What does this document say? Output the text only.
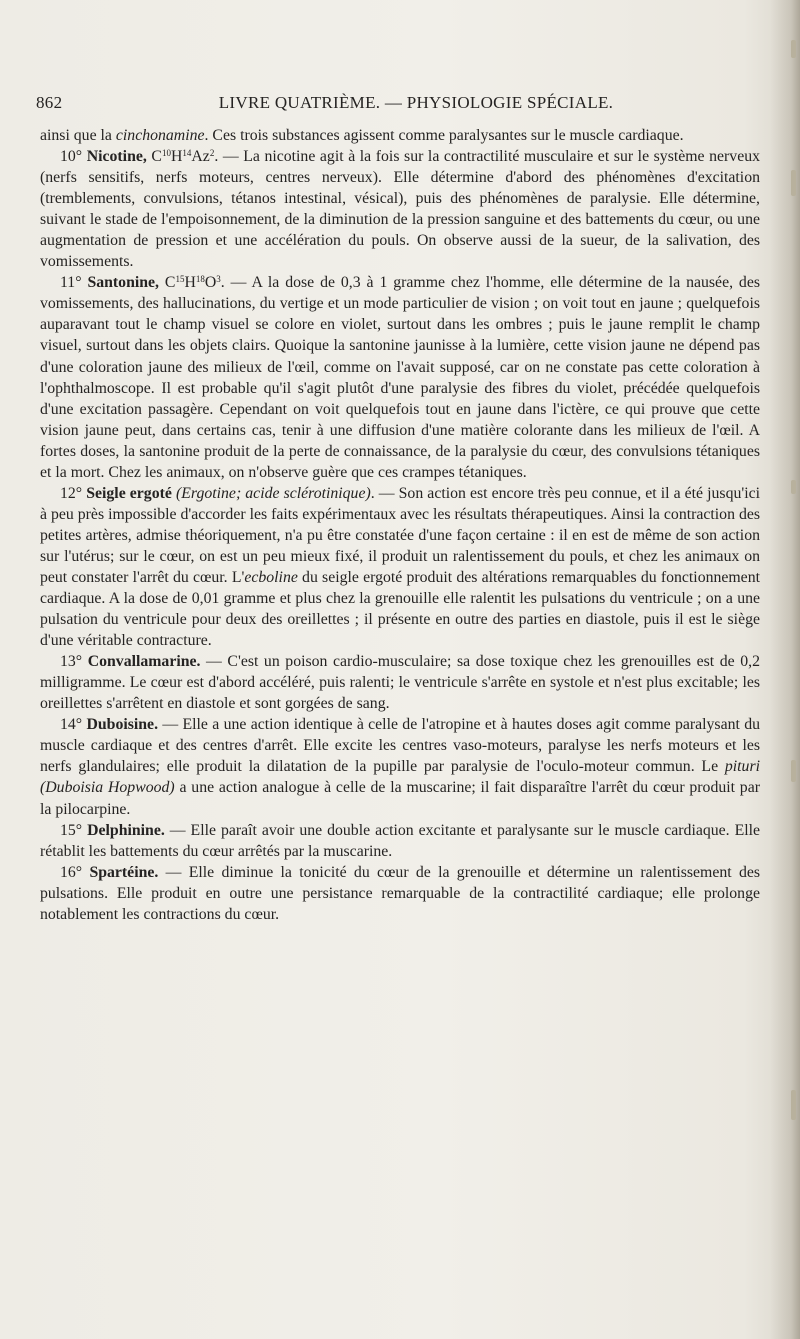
862	LIVRE QUATRIÈME. — PHYSIOLOGIE SPÉCIALE.

ainsi que la cinchonamine. Ces trois substances agissent comme paralysantes sur le muscle cardiaque.

10° Nicotine, $C^{10}H^{14}Az^2$. — La nicotine agit à la fois sur la contractilité musculaire et sur le système nerveux (nerfs sensitifs, nerfs moteurs, centres nerveux). Elle détermine d'abord des phénomènes d'excitation (tremblements, convulsions, tétanos intestinal, vésical), puis des phénomènes de paralysie. Elle détermine, suivant le stade de l'empoisonnement, de la diminution de la pression sanguine et des battements du cœur, ou une augmentation de pression et une accélération du pouls. On observe aussi de la sueur, de la salivation, des vomissements.

11° Santonine, $C^{15}H^{18}O^3$. — A la dose de 0,3 à 1 gramme chez l'homme, elle détermine de la nausée, des vomissements, des hallucinations, du vertige et un mode particulier de vision ; on voit tout en jaune ; quelquefois auparavant tout le champ visuel se colore en violet, surtout dans les ombres ; puis le jaune remplit le champ visuel, surtout dans les objets clairs. Quoique la santonine jaunisse à la lumière, cette vision jaune ne dépend pas d'une coloration jaune des milieux de l'œil, comme on l'avait supposé, car on ne constate pas cette coloration à l'ophthalmoscope. Il est probable qu'il s'agit plutôt d'une paralysie des fibres du violet, précédée quelquefois d'une excitation passagère. Cependant on voit quelquefois tout en jaune dans l'ictère, ce qui prouve que cette vision jaune peut, dans certains cas, tenir à une diffusion d'une matière colorante dans les milieux de l'œil. A fortes doses, la santonine produit de la perte de connaissance, de la paralysie du cœur, des convulsions tétaniques et la mort. Chez les animaux, on n'observe guère que ces crampes tétaniques.

12° Seigle ergoté (Ergotine; acide sclérotinique). — Son action est encore très peu connue, et il a été jusqu'ici à peu près impossible d'accorder les faits expérimentaux avec les résultats thérapeutiques. Ainsi la contraction des petites artères, admise théoriquement, n'a pu être constatée d'une façon certaine : il en est de même de son action sur l'utérus; sur le cœur, on est un peu mieux fixé, il produit un ralentissement du pouls, et chez les animaux on peut constater l'arrêt du cœur. L'ecboline du seigle ergoté produit des altérations remarquables du fonctionnement cardiaque. A la dose de 0,01 gramme et plus chez la grenouille elle ralentit les pulsations du ventricule ; on a une pulsation du ventricule pour deux des oreillettes ; il présente en outre des parties en diastole, puis il est le siège d'une véritable contracture.

13° Convallamarine. — C'est un poison cardio-musculaire; sa dose toxique chez les grenouilles est de 0,2 milligramme. Le cœur est d'abord accéléré, puis ralenti; le ventricule s'arrête en systole et n'est plus excitable; les oreillettes s'arrêtent en diastole et sont gorgées de sang.

14° Duboisine. — Elle a une action identique à celle de l'atropine et à hautes doses agit comme paralysant du muscle cardiaque et des centres d'arrêt. Elle excite les centres vaso-moteurs, paralyse les nerfs moteurs et les nerfs glandulaires; elle produit la dilatation de la pupille par paralysie de l'oculo-moteur commun. Le pituri (Duboisia Hopwood) a une action analogue à celle de la muscarine; il fait disparaître l'arrêt du cœur produit par la pilocarpine.

15° Delphinine. — Elle paraît avoir une double action excitante et paralysante sur le muscle cardiaque. Elle rétablit les battements du cœur arrêtés par la muscarine.

16° Spartéine. — Elle diminue la tonicité du cœur de la grenouille et détermine un ralentissement des pulsations. Elle produit en outre une persistance remarquable de la contractilité cardiaque; elle prolonge notablement les contractions du cœur.
